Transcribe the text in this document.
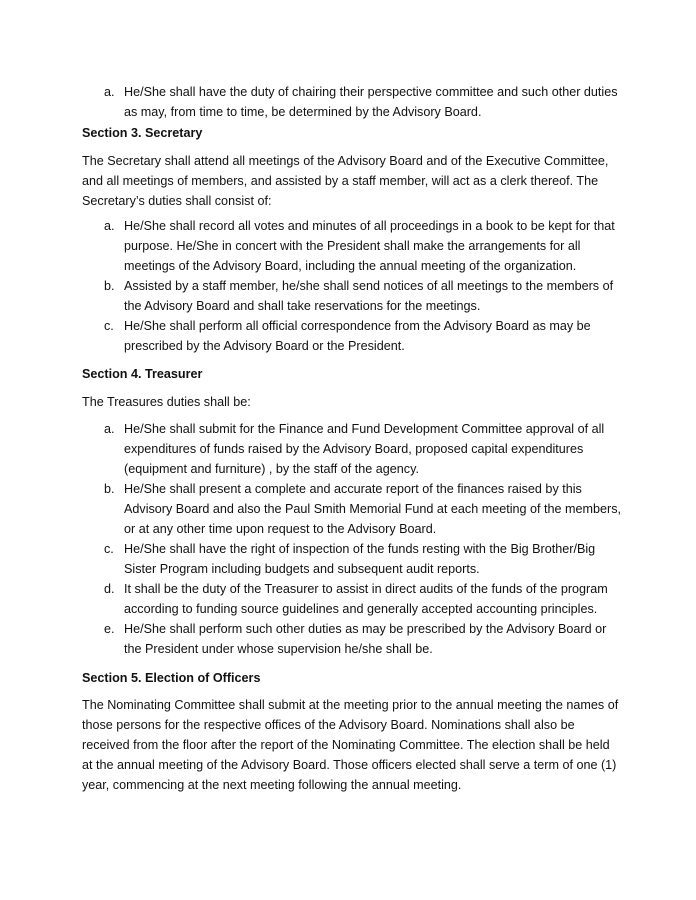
a. He/She shall have the duty of chairing their perspective committee and such other duties as may, from time to time, be determined by the Advisory Board.

Section 3. Secretary

The Secretary shall attend all meetings of the Advisory Board and of the Executive Committee, and all meetings of members, and assisted by a staff member, will act as a clerk thereof. The Secretary’s duties shall consist of:

a. He/She shall record all votes and minutes of all proceedings in a book to be kept for that purpose. He/She in concert with the President shall make the arrangements for all meetings of the Advisory Board, including the annual meeting of the organization.

b. Assisted by a staff member, he/she shall send notices of all meetings to the members of the Advisory Board and shall take reservations for the meetings.

c. He/She shall perform all official correspondence from the Advisory Board as may be prescribed by the Advisory Board or the President.

Section 4. Treasurer

The Treasures duties shall be:

a. He/She shall submit for the Finance and Fund Development Committee approval of all expenditures of funds raised by the Advisory Board, proposed capital expenditures (equipment and furniture) , by the staff of the agency.

b. He/She shall present a complete and accurate report of the finances raised by this Advisory Board and also the Paul Smith Memorial Fund at each meeting of the members, or at any other time upon request to the Advisory Board.

c. He/She shall have the right of inspection of the funds resting with the Big Brother/Big Sister Program including budgets and subsequent audit reports.

d. It shall be the duty of the Treasurer to assist in direct audits of the funds of the program according to funding source guidelines and generally accepted accounting principles.

e. He/She shall perform such other duties as may be prescribed by the Advisory Board or the President under whose supervision he/she shall be.

Section 5. Election of Officers

The Nominating Committee shall submit at the meeting prior to the annual meeting the names of those persons for the respective offices of the Advisory Board. Nominations shall also be received from the floor after the report of the Nominating Committee. The election shall be held at the annual meeting of the Advisory Board. Those officers elected shall serve a term of one (1) year, commencing at the next meeting following the annual meeting.
